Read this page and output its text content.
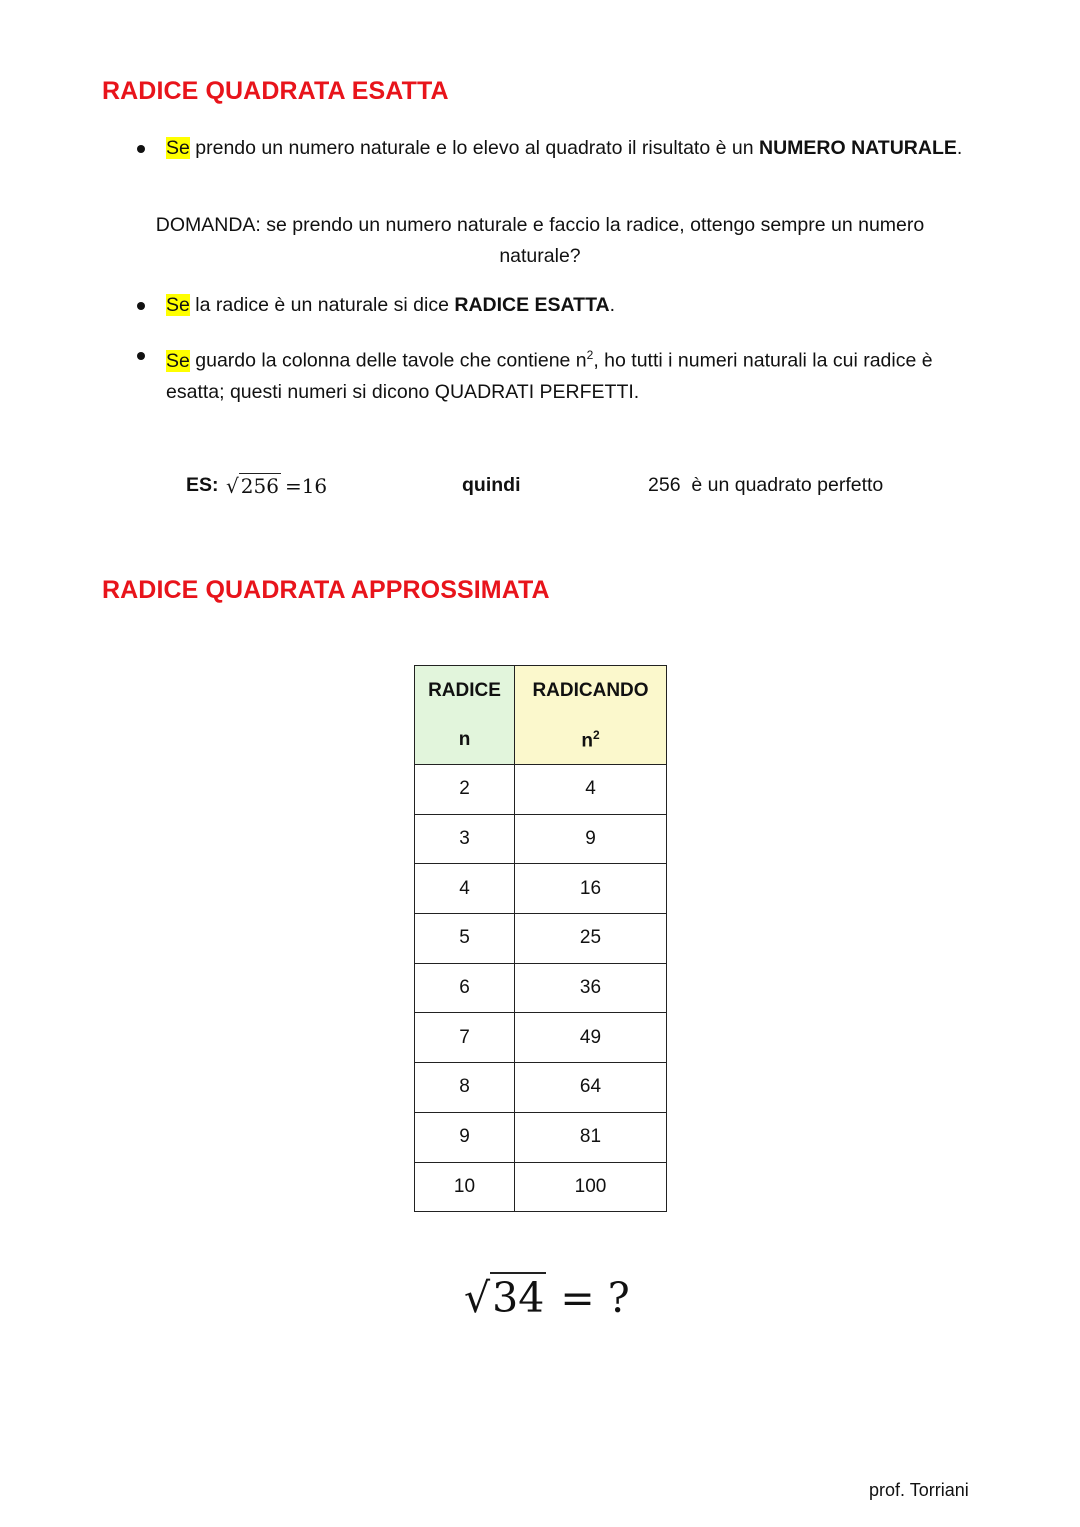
RADICE QUADRATA ESATTA
Se prendo un numero naturale e lo elevo al quadrato il risultato è un NUMERO NATURALE.
DOMANDA: se prendo un numero naturale e faccio la radice, ottengo sempre un numero
naturale?
Se la radice è un naturale si dice RADICE ESATTA.
Se guardo la colonna delle tavole che contiene $n^2$, ho tutti i numeri naturali la cui radice è
esatta; questi numeri si dicono QUADRATI PERFETTI.
ES: √ 256 =16	quindi	256  è un quadrato perfetto
RADICE QUADRATA APPROSSIMATA
RADICE	RADICANDO
n	$n^2$
2	4
3	9
4	16
5	25
6	36
7	49
8	64
9	81
10	100
√34 = ?
prof. Torriani
